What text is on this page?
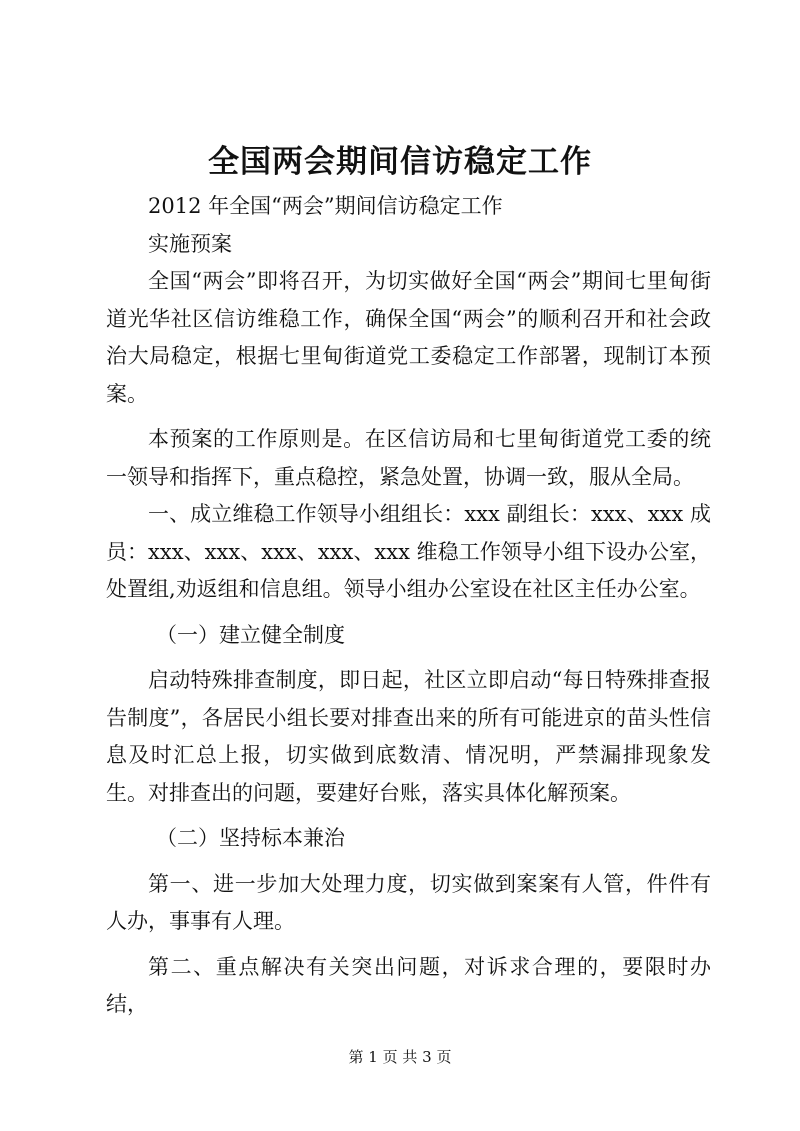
全国两会期间信访稳定工作

2012 年全国“两会”期间信访稳定工作

实施预案

全国“两会”即将召开，为切实做好全国“两会”期间七里甸街道光华社区信访维稳工作，确保全国“两会”的顺利召开和社会政治大局稳定，根据七里甸街道党工委稳定工作部署，现制订本预案。

本预案的工作原则是。在区信访局和七里甸街道党工委的统一领导和指挥下，重点稳控，紧急处置，协调一致，服从全局。

一、成立维稳工作领导小组组长：xxx 副组长：xxx、xxx 成员：xxx、xxx、xxx、xxx、xxx 维稳工作领导小组下设办公室，处置组,劝返组和信息组。领导小组办公室设在社区主任办公室。

（一）建立健全制度

启动特殊排查制度，即日起，社区立即启动“每日特殊排查报告制度”，各居民小组长要对排查出来的所有可能进京的苗头性信息及时汇总上报，切实做到底数清、情况明，严禁漏排现象发生。对排查出的问题，要建好台账，落实具体化解预案。

（二）坚持标本兼治

第一、进一步加大处理力度，切实做到案案有人管，件件有人办，事事有人理。

第二、重点解决有关突出问题，对诉求合理的，要限时办结，

第 1 页 共 3 页
